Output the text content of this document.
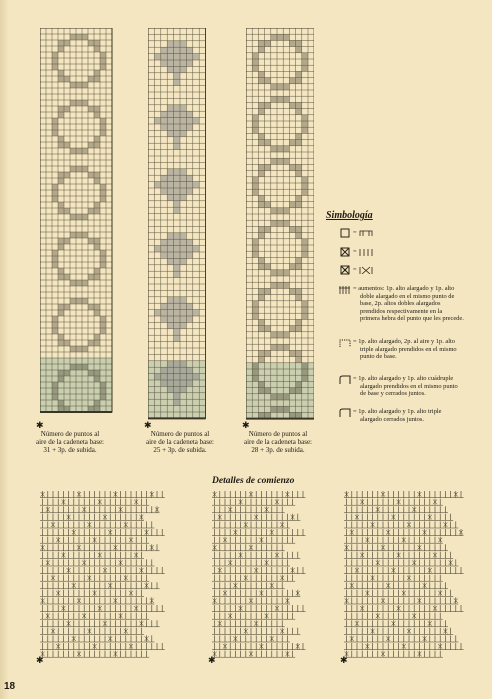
✱	✱	✱
Número de puntos al
aire de la cadeneta base:
31 + 3p. de subida.
Número de puntos al
aire de la cadeneta base:
25 + 3p. de subida.
Número de puntos al
aire de la cadeneta base:
28 + 3p. de subida.
Simbología
=
=
=
= aumentos: 1p. alto alargado y 1p. alto
doble alargado en el mismo punto de
base, 2p. altos dobles alargados
prendidos respectivamente en la
primera hebra del punto que les precede.
= 1p. alto alargado, 2p. al aire y 1p. alto
triple alargado prendidos en el mismo
punto de base.
= 1p. alto alargado y 1p. alto cuádruple
alargado prendidos en el mismo punto
de base y cerrados juntos.
= 1p. alto alargado y 1p. alto triple
alargado cerrados juntos.
Detalles de comienzo
✱	✱	✱
18
